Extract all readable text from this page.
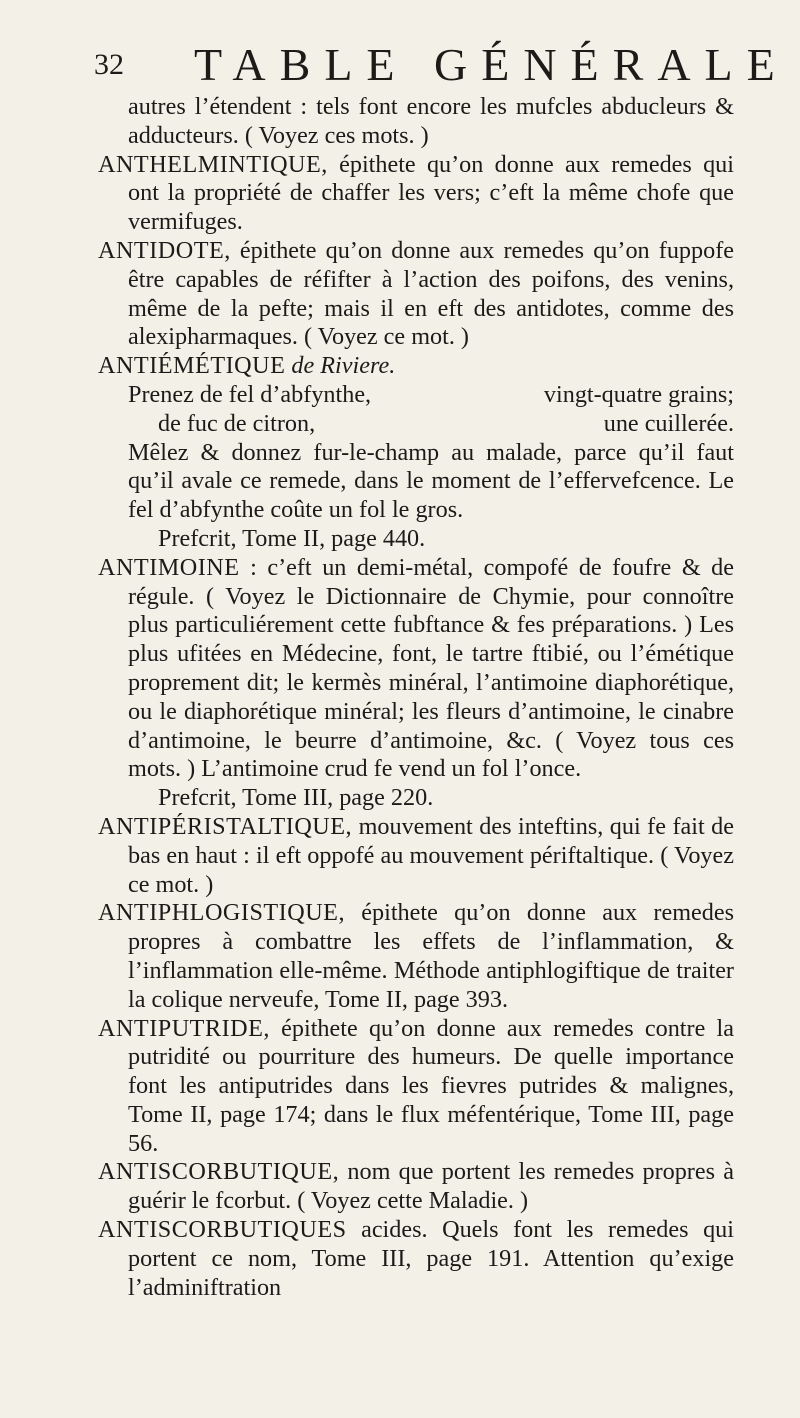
32 TABLE GÉNÉRALE

autres l’étendent : tels font encore les mufcles abducleurs & adducteurs. ( Voyez ces mots. )

ANTHELMINTIQUE, épithete qu’on donne aux remedes qui ont la propriété de chaffer les vers; c’eft la même chofe que vermifuges.

ANTIDOTE, épithete qu’on donne aux remedes qu’on fuppofe être capables de réfifter à l’action des poifons, des venins, même de la pefte; mais il en eft des antidotes, comme des alexipharmaques. ( Voyez ce mot. )

ANTIÉMÉTIQUE de Riviere.

Prenez de fel d’abfynthe,	vingt-quatre grains;
de fuc de citron,	une cuillerée.

Mêlez & donnez fur-le-champ au malade, parce qu’il faut qu’il avale ce remede, dans le moment de l’effervefcence. Le fel d’abfynthe coûte un fol le gros.

Prefcrit, Tome II, page 440.

ANTIMOINE : c’eft un demi-métal, compofé de foufre & de régule. ( Voyez le Dictionnaire de Chymie, pour connoître plus particuliérement cette fubftance & fes préparations. ) Les plus ufitées en Médecine, font, le tartre ftibié, ou l’émétique proprement dit; le kermès minéral, l’antimoine diaphorétique, ou le diaphorétique minéral; les fleurs d’antimoine, le cinabre d’antimoine, le beurre d’antimoine, &c. ( Voyez tous ces mots. ) L’antimoine crud fe vend un fol l’once.

Prefcrit, Tome III, page 220.

ANTIPÉRISTALTIQUE, mouvement des inteftins, qui fe fait de bas en haut : il eft oppofé au mouvement périftaltique. ( Voyez ce mot. )

ANTIPHLOGISTIQUE, épithete qu’on donne aux remedes propres à combattre les effets de l’inflammation, & l’inflammation elle-même. Méthode antiphlogiftique de traiter la colique nerveufe, Tome II, page 393.

ANTIPUTRIDE, épithete qu’on donne aux remedes contre la putridité ou pourriture des humeurs. De quelle importance font les antiputrides dans les fievres putrides & malignes, Tome II, page 174; dans le flux méfentérique, Tome III, page 56.

ANTISCORBUTIQUE, nom que portent les remedes propres à guérir le fcorbut. ( Voyez cette Maladie. )

ANTISCORBUTIQUES acides. Quels font les remedes qui portent ce nom, Tome III, page 191. Attention qu’exige l’adminiftration
